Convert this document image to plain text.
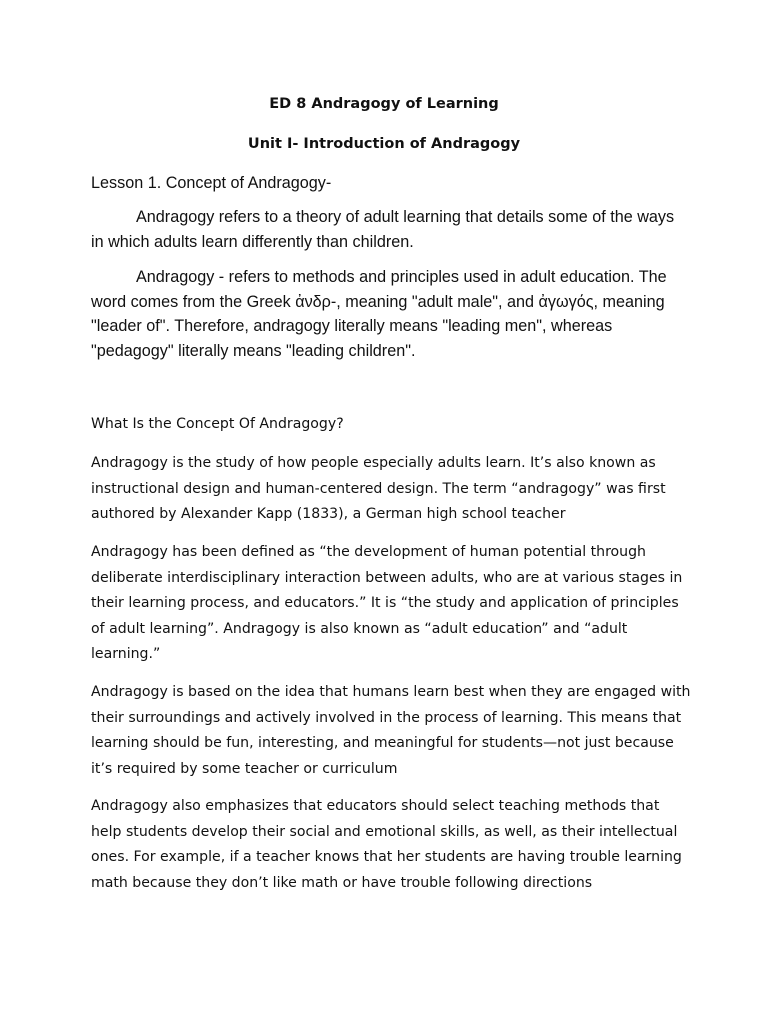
ED 8 Andragogy of Learning
Unit I- Introduction of Andragogy

Lesson 1. Concept of Andragogy-

Andragogy refers to a theory of adult learning that details some of the ways in which adults learn differently than children.

Andragogy - refers to methods and principles used in adult education. The word comes from the Greek ἀνδρ-, meaning "adult male", and ἀγωγός, meaning "leader of". Therefore, andragogy literally means "leading men", whereas "pedagogy" literally means "leading children".

What Is the Concept Of Andragogy?

Andragogy is the study of how people especially adults learn. It’s also known as instructional design and human-centered design. The term “andragogy” was first authored by Alexander Kapp (1833), a German high school teacher

Andragogy has been defined as “the development of human potential through deliberate interdisciplinary interaction between adults, who are at various stages in their learning process, and educators.” It is “the study and application of principles of adult learning”. Andragogy is also known as “adult education” and “adult learning.”

Andragogy is based on the idea that humans learn best when they are engaged with their surroundings and actively involved in the process of learning. This means that learning should be fun, interesting, and meaningful for students—not just because it’s required by some teacher or curriculum

Andragogy also emphasizes that educators should select teaching methods that help students develop their social and emotional skills, as well, as their intellectual ones. For example, if a teacher knows that her students are having trouble learning math because they don’t like math or have trouble following directions
